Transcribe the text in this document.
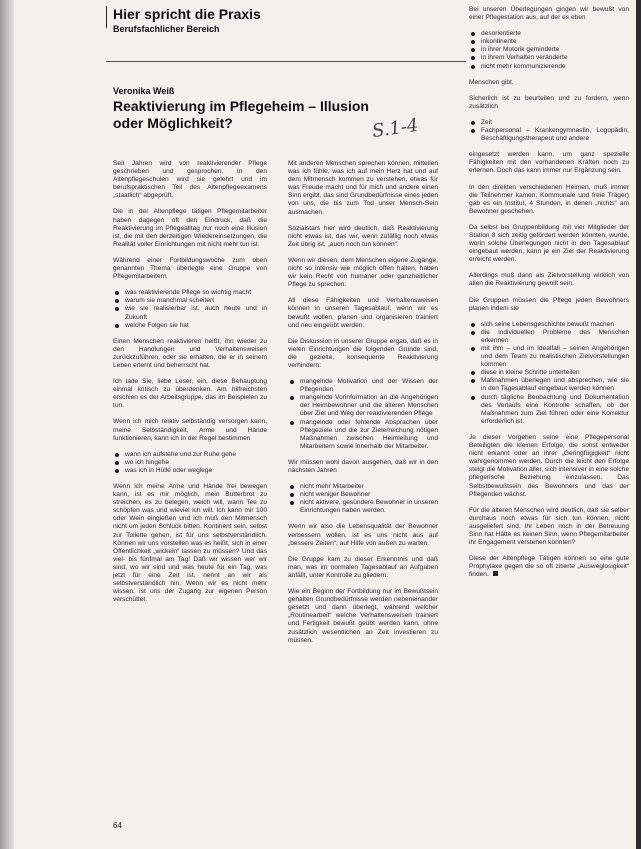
Hier spricht die Praxis
Berufsfachlicher Bereich
Veronika Weiß
Reaktivierung im Pflegeheim – Illusion oder Möglichkeit?	S.1-4

Seit Jahren wird von reaktivierender Pflege geschrieben und gesprochen. In den Altenpflegeschulen wird sie gelehrt und im berufspraktischen Teil des Altenpflegeexamens „staatlich“ abgeprüft.

Die in der Altenpflege tätigen Pflegemitarbeiter haben dagegen oft den Eindruck, daß die Reaktivierung im Pflegealltag nur noch eine Illusion ist, die mit den derzeitigen Wiedereinsetzungen, die Realität voller Einrichtungen mit nicht mehr tun ist.

Während einer Fortbildungswoche zum oben genannten Thema überlegte eine Gruppe von Pflegemitarbeitern

was reaktivierende Pflege so wichtig macht
warum sie manchmal scheitert
wie sie realisierbar ist, auch heute und in Zukunft
welche Folgen sie hat

Einen Menschen reaktivieren heißt, ihn wieder zu den Handlungen und Verhaltensweisen zurückzuführen, oder sie erhalten, die er in seinem Leben erlernt und beherrscht hat.

Ich lade Sie, liebe Leser, ein, diese Behauptung einmal kritisch zu überdenken. Am hilfreichsten erschien es der Arbeitsgruppe, das im Beispielen zu tun.

Wenn ich mich relativ selbständig versorgen kann, meine Selbständigkeit, Arme und Hände funktionieren, kann ich in der Regel bestimmen

wann ich aufstehe und zur Ruhe gehe
wo ich hingehe
was ich in Hülle oder weglege

Wenn ich meine Arme und Hände frei bewegen kann, ist es mir möglich, mein Butterbrot zu streichen, es zu belegen, weich will, wann Tee zu schöpfen was und wieviel ich will. Ich kann mir 100 oder Wein eingießen und ich muß den Mitmensch nicht um jeden Schluck bitten. Kontinent sein, selbst zur Toilette gehen, ist für uns selbstverständlich. Können wir uns vorstellen was es heißt, sich in einer Öffentlichkeit „wickeln“ lassen zu müssen? Und das viel- bis fünfmal am Tag! Daß wir wissen wer wir sind, wo wir sind und was heute für ein Tag, was jetzt für eine Zeit ist, nennt an wir als selbstverständlich hin. Wenn wir es nicht mehr wissen, ist uns der Zugang zur eigenen Person verschüttet.

Mit anderen Menschen sprechen können, mitteilen was ich fühle, was ich auf mein Herz hat und auf dem Mitmensch kommen zu verstehen, etwas für was Freude macht und für mich und andere einen Sinn ergibt, das sind Grundbedürfnisse eines jeden von uns, die bis zum Tod unser Mensch-Sein ausmachen.

Sozialstars hier wird deutlich, daß Reaktivierung nicht etwas ist, das wir, wenn zufällig noch etwas Zeit übrig ist, „auch noch tun können“.

Wenn wir diesen, dem Menschen eigene Zugänge, nicht so intensiv wie möglich offen halten, haben wir kein Recht von humaner oder ganzheitlicher Pflege zu sprechen.

All diese Fähigkeiten und Verhaltensweisen können in unseren Tagesablauf, wenn wir es bewußt wollen, planen und organisieren trainiert und neu eingeübt werden.

Die Diskussion in unserer Gruppe ergab, daß es in vielen Einrichtungen die folgenden Gründe sind, die gezielte, konsequente Reaktivierung verhindern:

mangelnde Motivation und der Wissen der Pflegenden
mangelnde Vorinformation an die Angehörigen der Heimbewohner und die älteren Menschen über Ziel und Weg der reaktivierenden Pflege
mangelnde oder fehlende Absprachen über Pflegeziele und die zur Zielerreichung nötigen Maßnahmen zwischen Heimleitung und Mitarbeitern sowie innerhalb der Mitarbeiter.

Wir müssen wohl davon ausgehen, daß wir in den nächsten Jahren

nicht mehr Mitarbeiter
nicht weniger Bewohner
nicht aktivere, gesündere Bewohner in unseren Einrichtungen haben werden.

Wenn wir also die Lebensqualität der Bewohner verbessern wollen, ist es uns nicht aus auf „bessere Zeiten“, auf Hilfe von außen zu warten.

Die Gruppe kam zu dieser Erkenntnis und daß man, was im normalen Tagesablauf an Aufgaben anfällt, unter Kontrolle zu gliedern.

Wie ein Beginn der Fortbildung nur im Bewußtsein gehalten Grundbedürfnisse werden nebeneinander gesetzt und dann überlegt, während welcher „Routinearbeit“ welche Verhaltensweisen trainiert und Fertigkeit bewußt geübt werden kann, ohne zusätzlich wesentlichen an Zeit investieren zu müssen.

Bei unseren Überlegungen gingen wir bewußt von einer Pflegestation aus, auf der es eben

desorientierte
inkontinente
in ihrer Motorik geminderte
in ihrem Verhalten veränderte
nicht mehr kommunizierende

Menschen gibt.

Sicherlich ist zu beurteilen und zu fordern, wenn zusätzlich

Zeit
Fachpersonal – Krankengymnastin, Logopädin, Beschäftigungstherapeut und andere

eingesetzt werden kann, um ganz spezielle Fähigkeiten mit den vorhandenen Kräften noch zu erlernen. Doch das kann immer nur Ergänzung sein.

In den direkten verschiedenen Heimen, muß immer die Teilnehmer kamen, Kommunale und freie Träger) gab es ein Institut, 4 Stunden, in denen „nichts“ am Bewohner geschehen.

Da selbst bei Gruppenbildung mit vier Mitglieder der Station 8 sich zeitig gefördert werden könnten, wurde, worin solche Überlegungen nicht in den Tagesablauf eingebaut werden, kann je ein Ziel der Reaktivierung erreicht werden.

Allerdings muß dann als Zielvorstellung wirklich von allen die Reaktivierung gewollt sein.

Die Gruppen müssen die Pflege jeden Bewohners planen indem sie

sich seine Lebensgeschichte bewußt machen
die individuellen Probleme des Menschen erkennen
mit ihm – und im Idealfall – seinen Angehörigen und dem Team zu realistischen Zielvorstellungen kommen
diese in kleine Schritte unterteilen
Maßnahmen überlegen und absprechen, wie sie in den Tagesablauf eingebaut werden können
durch tägliche Beobachtung und Dokumentation des Verlaufs eine Kontrolle schaffen, ob der Maßnahmen zum Ziel führen oder eine Korrektur erforderlich ist.

Je dieser Vorgehen seine eine Pflegepersonal Beteiligten die kleinen Erfolge, die sonst entweder nicht erkannt oder an ihrer „Geringfügigkeit“ nicht wahrgenommen werden. Durch die leicht den Erfolge steigt die Motivation aller, sich intensiver in eine solche pflegerische Beziehung einzulassen. Das Selbstbewußtsein des Bewohners und das der Pflegenden wächst.

Für die älteren Menschen wird deutlich, daß sie selber durchaus noch etwas für sich tun können, nicht ausgeliefert sind. Ihr Leben noch in der Betreuung Sinn hat Hätte es keinen Sinn, wenn Pflegemitarbeiter ihr Engagement verstehen könnten?

Diese der Altenpflege Tätigen können so eine gute Prophylaxe gegen die so oft zitierte „Ausweglosigkeit“ finden.

64
